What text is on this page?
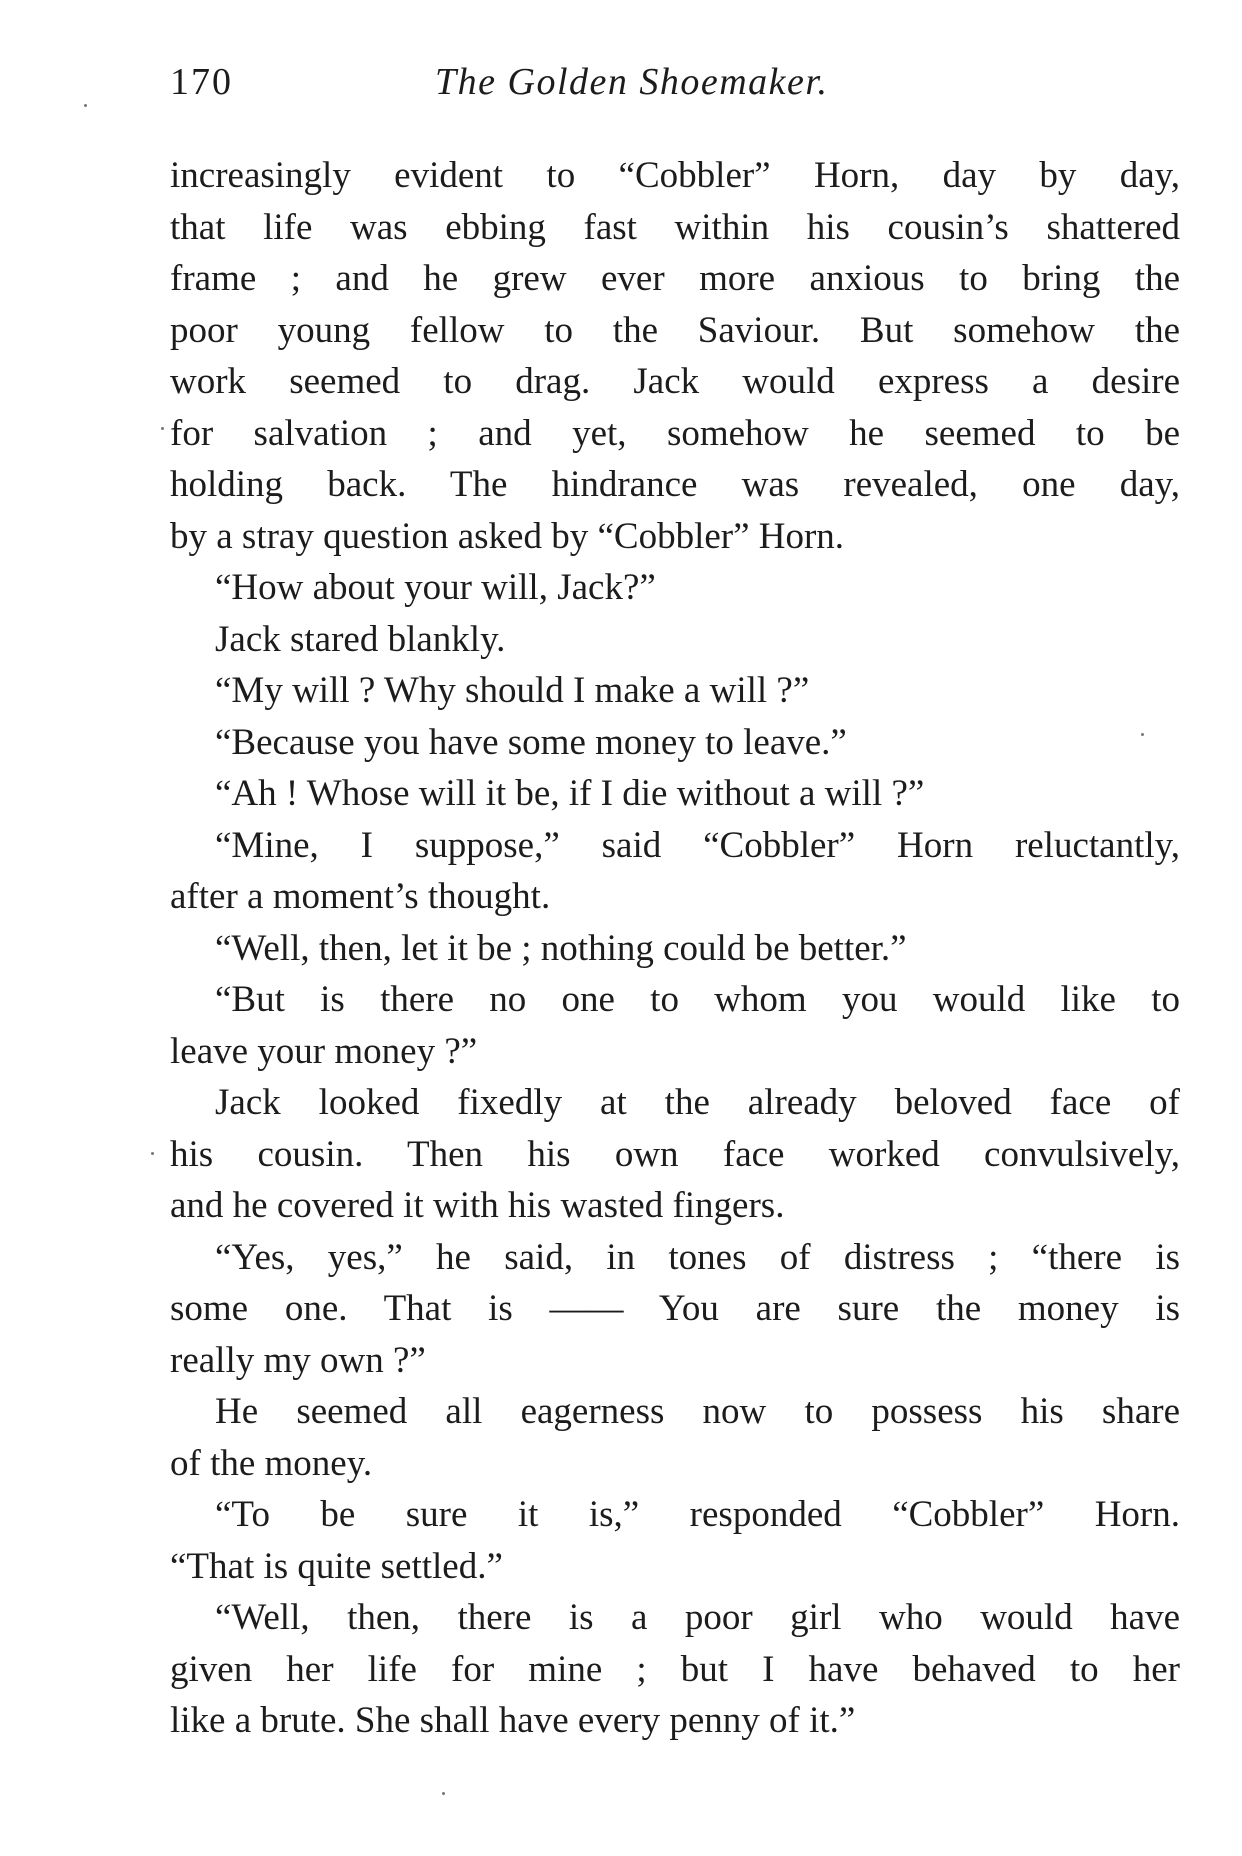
170	The Golden Shoemaker.
increasingly evident to “Cobbler” Horn, day by day,
that life was ebbing fast within his cousin’s shattered
frame ; and he grew ever more anxious to bring the
poor young fellow to the Saviour. But somehow the
work seemed to drag. Jack would express a desire
for salvation ; and yet, somehow he seemed to be
holding back. The hindrance was revealed, one day,
by a stray question asked by “Cobbler” Horn.
“How about your will, Jack?”
Jack stared blankly.
“My will ? Why should I make a will ?”
“Because you have some money to leave.”
“Ah ! Whose will it be, if I die without a will ?”
“Mine, I suppose,” said “Cobbler” Horn reluctantly,
after a moment’s thought.
“Well, then, let it be ; nothing could be better.”
“But is there no one to whom you would like to
leave your money ?”
Jack looked fixedly at the already beloved face of
his cousin. Then his own face worked convulsively,
and he covered it with his wasted fingers.
“Yes, yes,” he said, in tones of distress ; “there is
some one. That is —— You are sure the money is
really my own ?”
He seemed all eagerness now to possess his share
of the money.
“To be sure it is,” responded “Cobbler” Horn.
“That is quite settled.”
“Well, then, there is a poor girl who would have
given her life for mine ; but I have behaved to her
like a brute. She shall have every penny of it.”
